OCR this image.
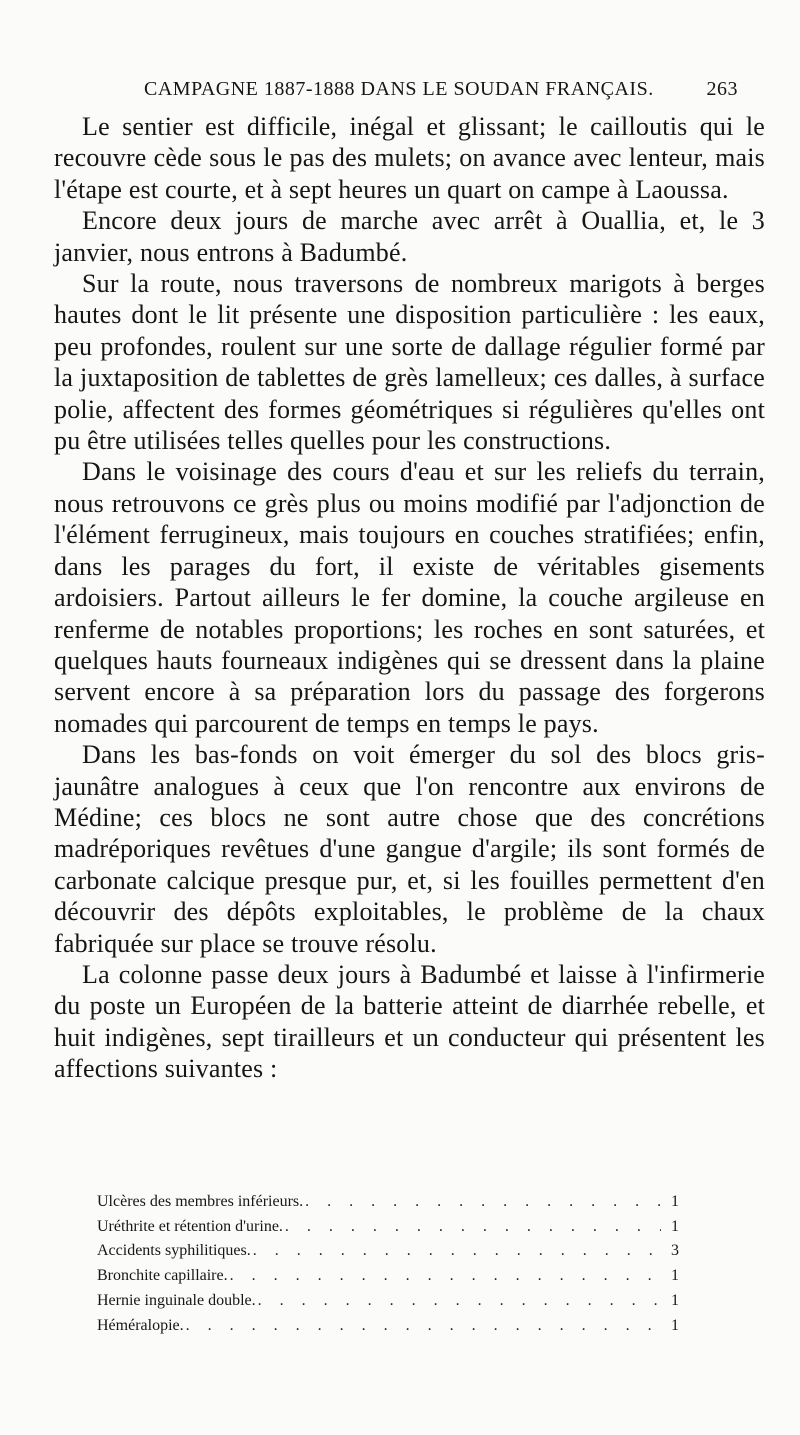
CAMPAGNE 1887-1888 DANS LE SOUDAN FRANÇAIS.	263

Le sentier est difficile, inégal et glissant; le cailloutis qui le recouvre cède sous le pas des mulets; on avance avec lenteur, mais l'étape est courte, et à sept heures un quart on campe à Laoussa.

Encore deux jours de marche avec arrêt à Ouallia, et, le 3 janvier, nous entrons à Badumbé.

Sur la route, nous traversons de nombreux marigots à berges hautes dont le lit présente une disposition particulière : les eaux, peu profondes, roulent sur une sorte de dallage régulier formé par la juxtaposition de tablettes de grès lamelleux; ces dalles, à surface polie, affectent des formes géométriques si régulières qu'elles ont pu être utilisées telles quelles pour les constructions.

Dans le voisinage des cours d'eau et sur les reliefs du terrain, nous retrouvons ce grès plus ou moins modifié par l'adjonction de l'élément ferrugineux, mais toujours en couches stratifiées; enfin, dans les parages du fort, il existe de véritables gisements ardoisiers. Partout ailleurs le fer domine, la couche argileuse en renferme de notables proportions; les roches en sont saturées, et quelques hauts fourneaux indigènes qui se dressent dans la plaine servent encore à sa préparation lors du passage des forgerons nomades qui parcourent de temps en temps le pays.

Dans les bas-fonds on voit émerger du sol des blocs gris-jaunâtre analogues à ceux que l'on rencontre aux environs de Médine; ces blocs ne sont autre chose que des concrétions madréporiques revêtues d'une gangue d'argile; ils sont formés de carbonate calcique presque pur, et, si les fouilles permettent d'en découvrir des dépôts exploitables, le problème de la chaux fabriquée sur place se trouve résolu.

La colonne passe deux jours à Badumbé et laisse à l'infirmerie du poste un Européen de la batterie atteint de diarrhée rebelle, et huit indigènes, sept tirailleurs et un conducteur qui présentent les affections suivantes :

Ulcères des membres inférieurs. . . .	1
Uréthrite et rétention d'urine. . . .	1
Accidents syphilitiques. . . .	3
Bronchite capillaire. . . .	1
Hernie inguinale double. . . .	1
Héméralopie. . . .	1
